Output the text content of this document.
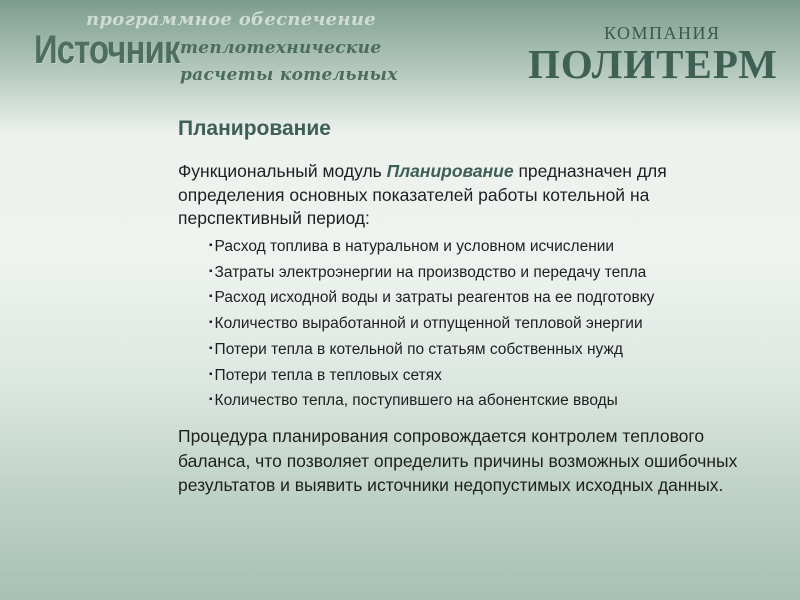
программное обеспечение
Источник теплотехнические
расчеты котельных
КОМПАНИЯ
ПОЛИТЕРМ
Планирование
Функциональный модуль Планирование предназначен для определения основных показателей работы котельной на перспективный период:
▪ Расход топлива в натуральном и условном исчислении
▪ Затраты электроэнергии на производство и передачу тепла
▪ Расход исходной воды и затраты реагентов на ее подготовку
▪ Количество выработанной и отпущенной тепловой энергии
▪ Потери тепла в котельной по статьям собственных нужд
▪ Потери тепла в тепловых сетях
▪ Количество тепла, поступившего на абонентские вводы
Процедура планирования сопровождается контролем теплового баланса, что позволяет определить причины возможных ошибочных результатов и выявить источники недопустимых исходных данных.
